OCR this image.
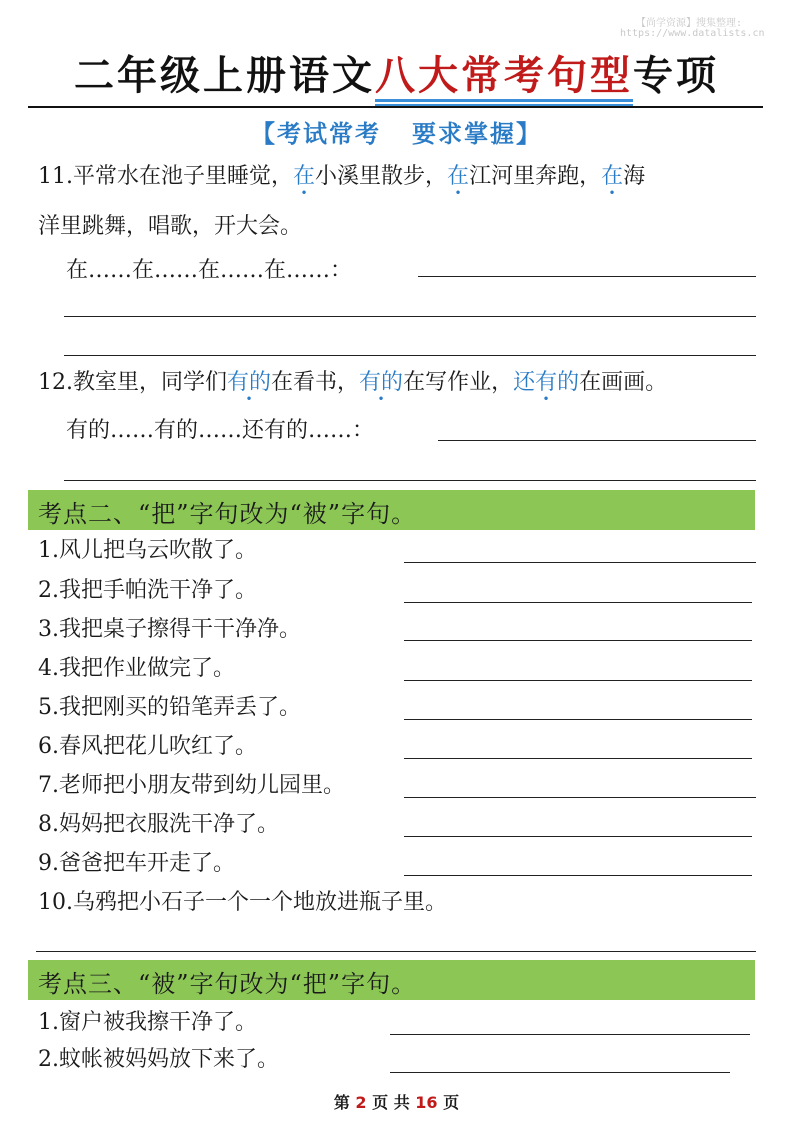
【尚学资源】搜集整理:
https://www.datalists.cn
二年级上册语文八大常考句型专项
【考试常考   要求掌握】
11.平常水在池子里睡觉，在小溪里散步，在江河里奔跑，在海
洋里跳舞，唱歌，开大会。
在……在……在……在……：
12.教室里，同学们有的在看书，有的在写作业，还有的在画画。
有的……有的……还有的……：
考点二、“把”字句改为“被”字句。
1.风儿把乌云吹散了。
2.我把手帕洗干净了。
3.我把桌子擦得干干净净。
4.我把作业做完了。
5.我把刚买的铅笔弄丢了。
6.春风把花儿吹红了。
7.老师把小朋友带到幼儿园里。
8.妈妈把衣服洗干净了。
9.爸爸把车开走了。
10.乌鸦把小石子一个一个地放进瓶子里。
考点三、“被”字句改为“把”字句。
1.窗户被我擦干净了。
2.蚊帐被妈妈放下来了。
第 2 页 共 16 页
